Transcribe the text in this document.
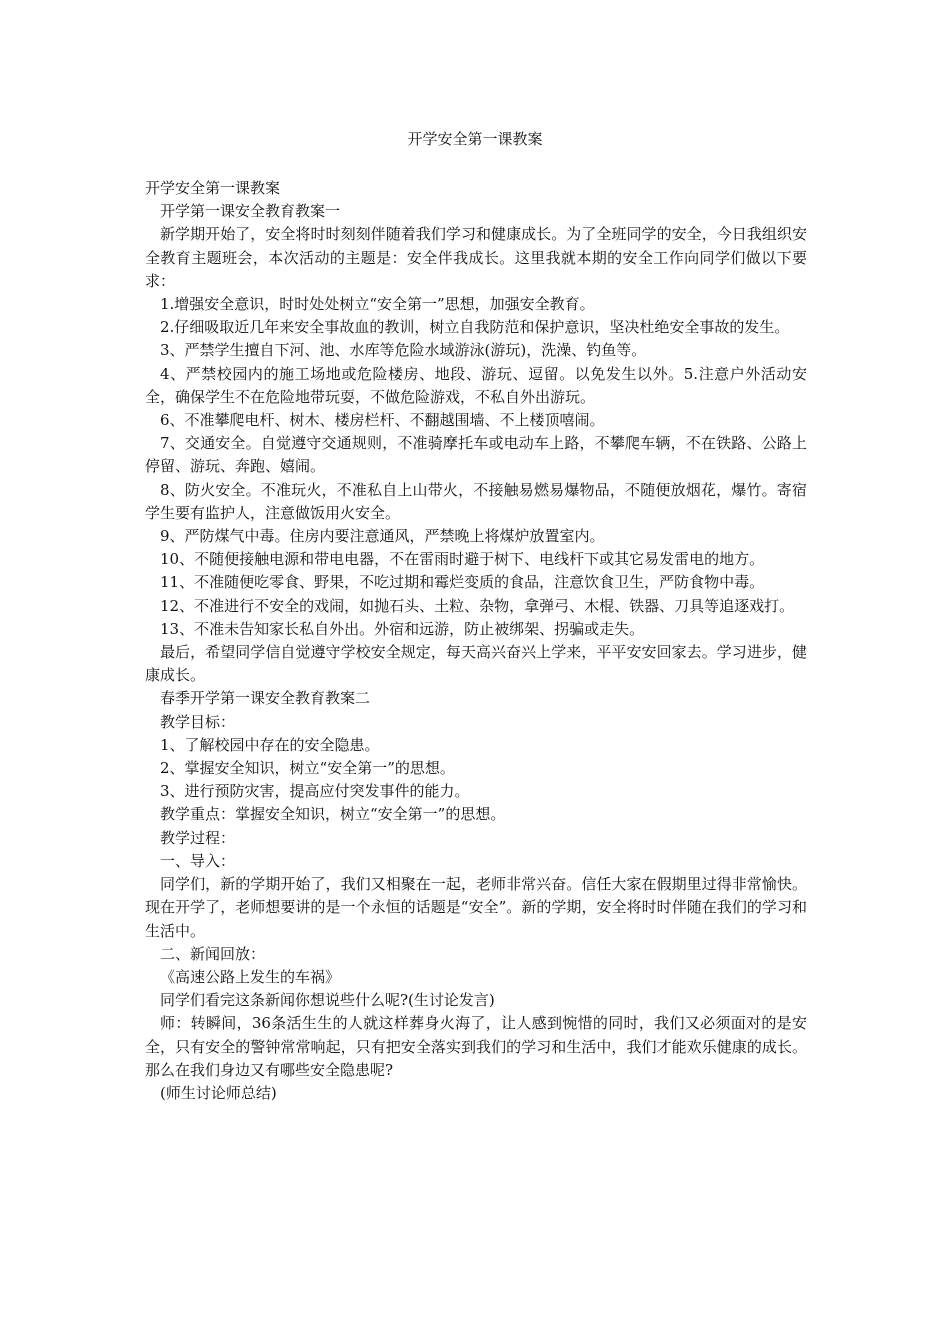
开学安全第一课教案

开学安全第一课教案

开学第一课安全教育教案一

新学期开始了，安全将时时刻刻伴随着我们学习和健康成长。为了全班同学的安全，今日我组织安全教育主题班会，本次活动的主题是：安全伴我成长。这里我就本期的安全工作向同学们做以下要求：

1.增强安全意识，时时处处树立“安全第一”思想，加强安全教育。

2.仔细吸取近几年来安全事故血的教训，树立自我防范和保护意识，坚决杜绝安全事故的发生。

3、严禁学生擅自下河、池、水库等危险水域游泳(游玩)，洗澡、钓鱼等。

4、严禁校园内的施工场地或危险楼房、地段、游玩、逗留。以免发生以外。5.注意户外活动安全，确保学生不在危险地带玩耍，不做危险游戏，不私自外出游玩。

6、不准攀爬电杆、树木、楼房栏杆、不翻越围墙、不上楼顶嘻闹。

7、交通安全。自觉遵守交通规则，不准骑摩托车或电动车上路，不攀爬车辆，不在铁路、公路上停留、游玩、奔跑、嬉闹。

8、防火安全。不准玩火，不准私自上山带火，不接触易燃易爆物品，不随便放烟花，爆竹。寄宿学生要有监护人，注意做饭用火安全。

9、严防煤气中毒。住房内要注意通风，严禁晚上将煤炉放置室内。

10、不随便接触电源和带电电器，不在雷雨时避于树下、电线杆下或其它易发雷电的地方。

11、不准随便吃零食、野果，不吃过期和霉烂变质的食品，注意饮食卫生，严防食物中毒。

12、不准进行不安全的戏闹，如抛石头、土粒、杂物，拿弹弓、木棍、铁器、刀具等追逐戏打。

13、不准未告知家长私自外出。外宿和远游，防止被绑架、拐骗或走失。

最后，希望同学信自觉遵守学校安全规定，每天高兴奋兴上学来，平平安安回家去。学习进步，健康成长。

春季开学第一课安全教育教案二

教学目标：

1、了解校园中存在的安全隐患。

2、掌握安全知识，树立“安全第一”的思想。

3、进行预防灾害，提高应付突发事件的能力。

教学重点：掌握安全知识，树立“安全第一”的思想。

教学过程：

一、导入：

同学们，新的学期开始了，我们又相聚在一起，老师非常兴奋。信任大家在假期里过得非常愉快。现在开学了，老师想要讲的是一个永恒的话题是“安全”。新的学期，安全将时时伴随在我们的学习和生活中。

二、新闻回放：

《高速公路上发生的车祸》

同学们看完这条新闻你想说些什么呢?(生讨论发言)

师：转瞬间，36条活生生的人就这样葬身火海了，让人感到惋惜的同时，我们又必须面对的是安全，只有安全的警钟常常响起，只有把安全落实到我们的学习和生活中，我们才能欢乐健康的成长。那么在我们身边又有哪些安全隐患呢?

(师生讨论师总结)
